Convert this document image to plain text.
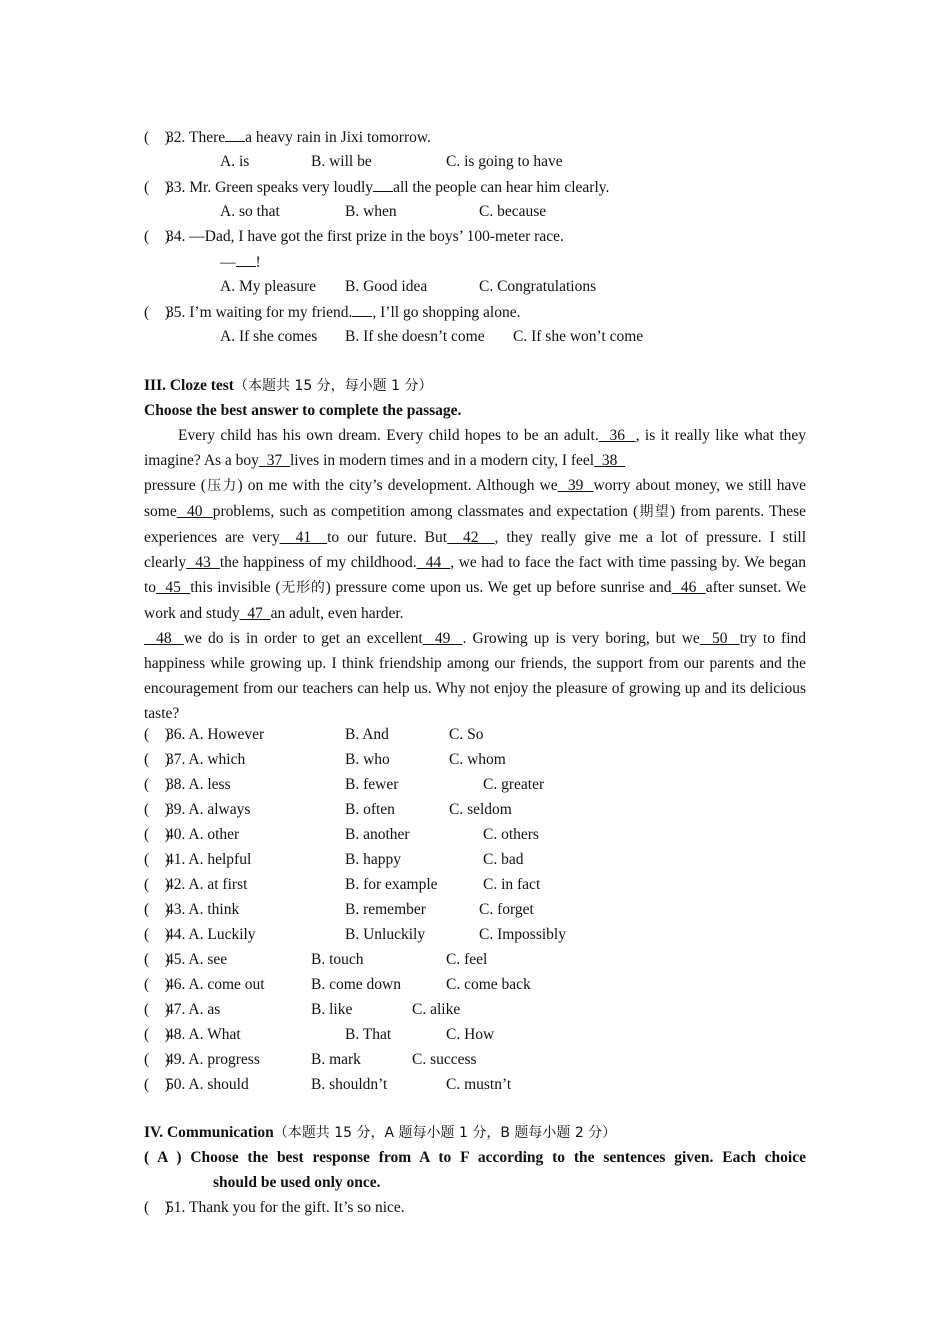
(    )32. There a heavy rain in Jixi tomorrow.
A. is	B. will be	C. is going to have
(    )33. Mr. Green speaks very loudly all the people can hear him clearly.
A. so that	B. when	C. because
(    )34. —Dad, I have got the first prize in the boys’ 100-meter race.
— !
A. My pleasure B. Good idea	C. Congratulations
(    )35. I’m waiting for my friend. , I’ll go shopping alone.
A. If she comes B. If she doesn’t come C. If she won’t come
III. Cloze test（本题共 15 分，每小题 1 分）
Choose the best answer to complete the passage.

Every child has his own dream. Every child hopes to be an adult. 36 , is it really like what they imagine? As a boy 37 lives in modern times and in a modern city, I feel 38

pressure (压力) on me with the city’s development. Although we 39 worry about money, we still have some 40 problems, such as competition among classmates and expectation (期望) from parents. These experiences are very 41 to our future. But 42 , they really give me a lot of pressure. I still clearly 43 the happiness of my childhood. 44 , we had to face the fact with time passing by. We began to 45 this invisible (无形的) pressure come upon us. We get up before sunrise and 46 after sunset. We work and study 47 an adult, even harder.

48 we do is in order to get an excellent 49 . Growing up is very boring, but we 50 try to find happiness while growing up. I think friendship among our friends, the support from our parents and the encouragement from our teachers can help us. Why not enjoy the pleasure of growing up and its delicious taste?

(    )
36. A. However	B. And	C. So
(    )
37. A. which	B. who	C. whom
(    )
38. A. less	B. fewer	C. greater
(    )
39. A. always	B. often	C. seldom
(    )
40. A. other	B. another	C. others
(    )
41. A. helpful	B. happy	C. bad
(    )
42. A. at first	B. for example	C. in fact
(    )
43. A. think	B. remember	C. forget
(    )
44. A. Luckily	B. Unluckily	C. Impossibly
(    )
45. A. see	B. touch	C. feel
(    )
46. A. come out	B. come down	C. come back
(    )
47. A. as	B. like	C. alike
(    )
48. A. What	B. That	C. How
(    )
49. A. progress	B. mark	C. success
(    )
50. A. should	B. shouldn’t	C. mustn’t
IV. Communication（本题共 15 分，A 题每小题 1 分，B 题每小题 2 分）
( A ) Choose the best response from A to F according to the sentences given. Each choice
should be used only once.
(    )51. Thank you for the gift. It’s so nice.
